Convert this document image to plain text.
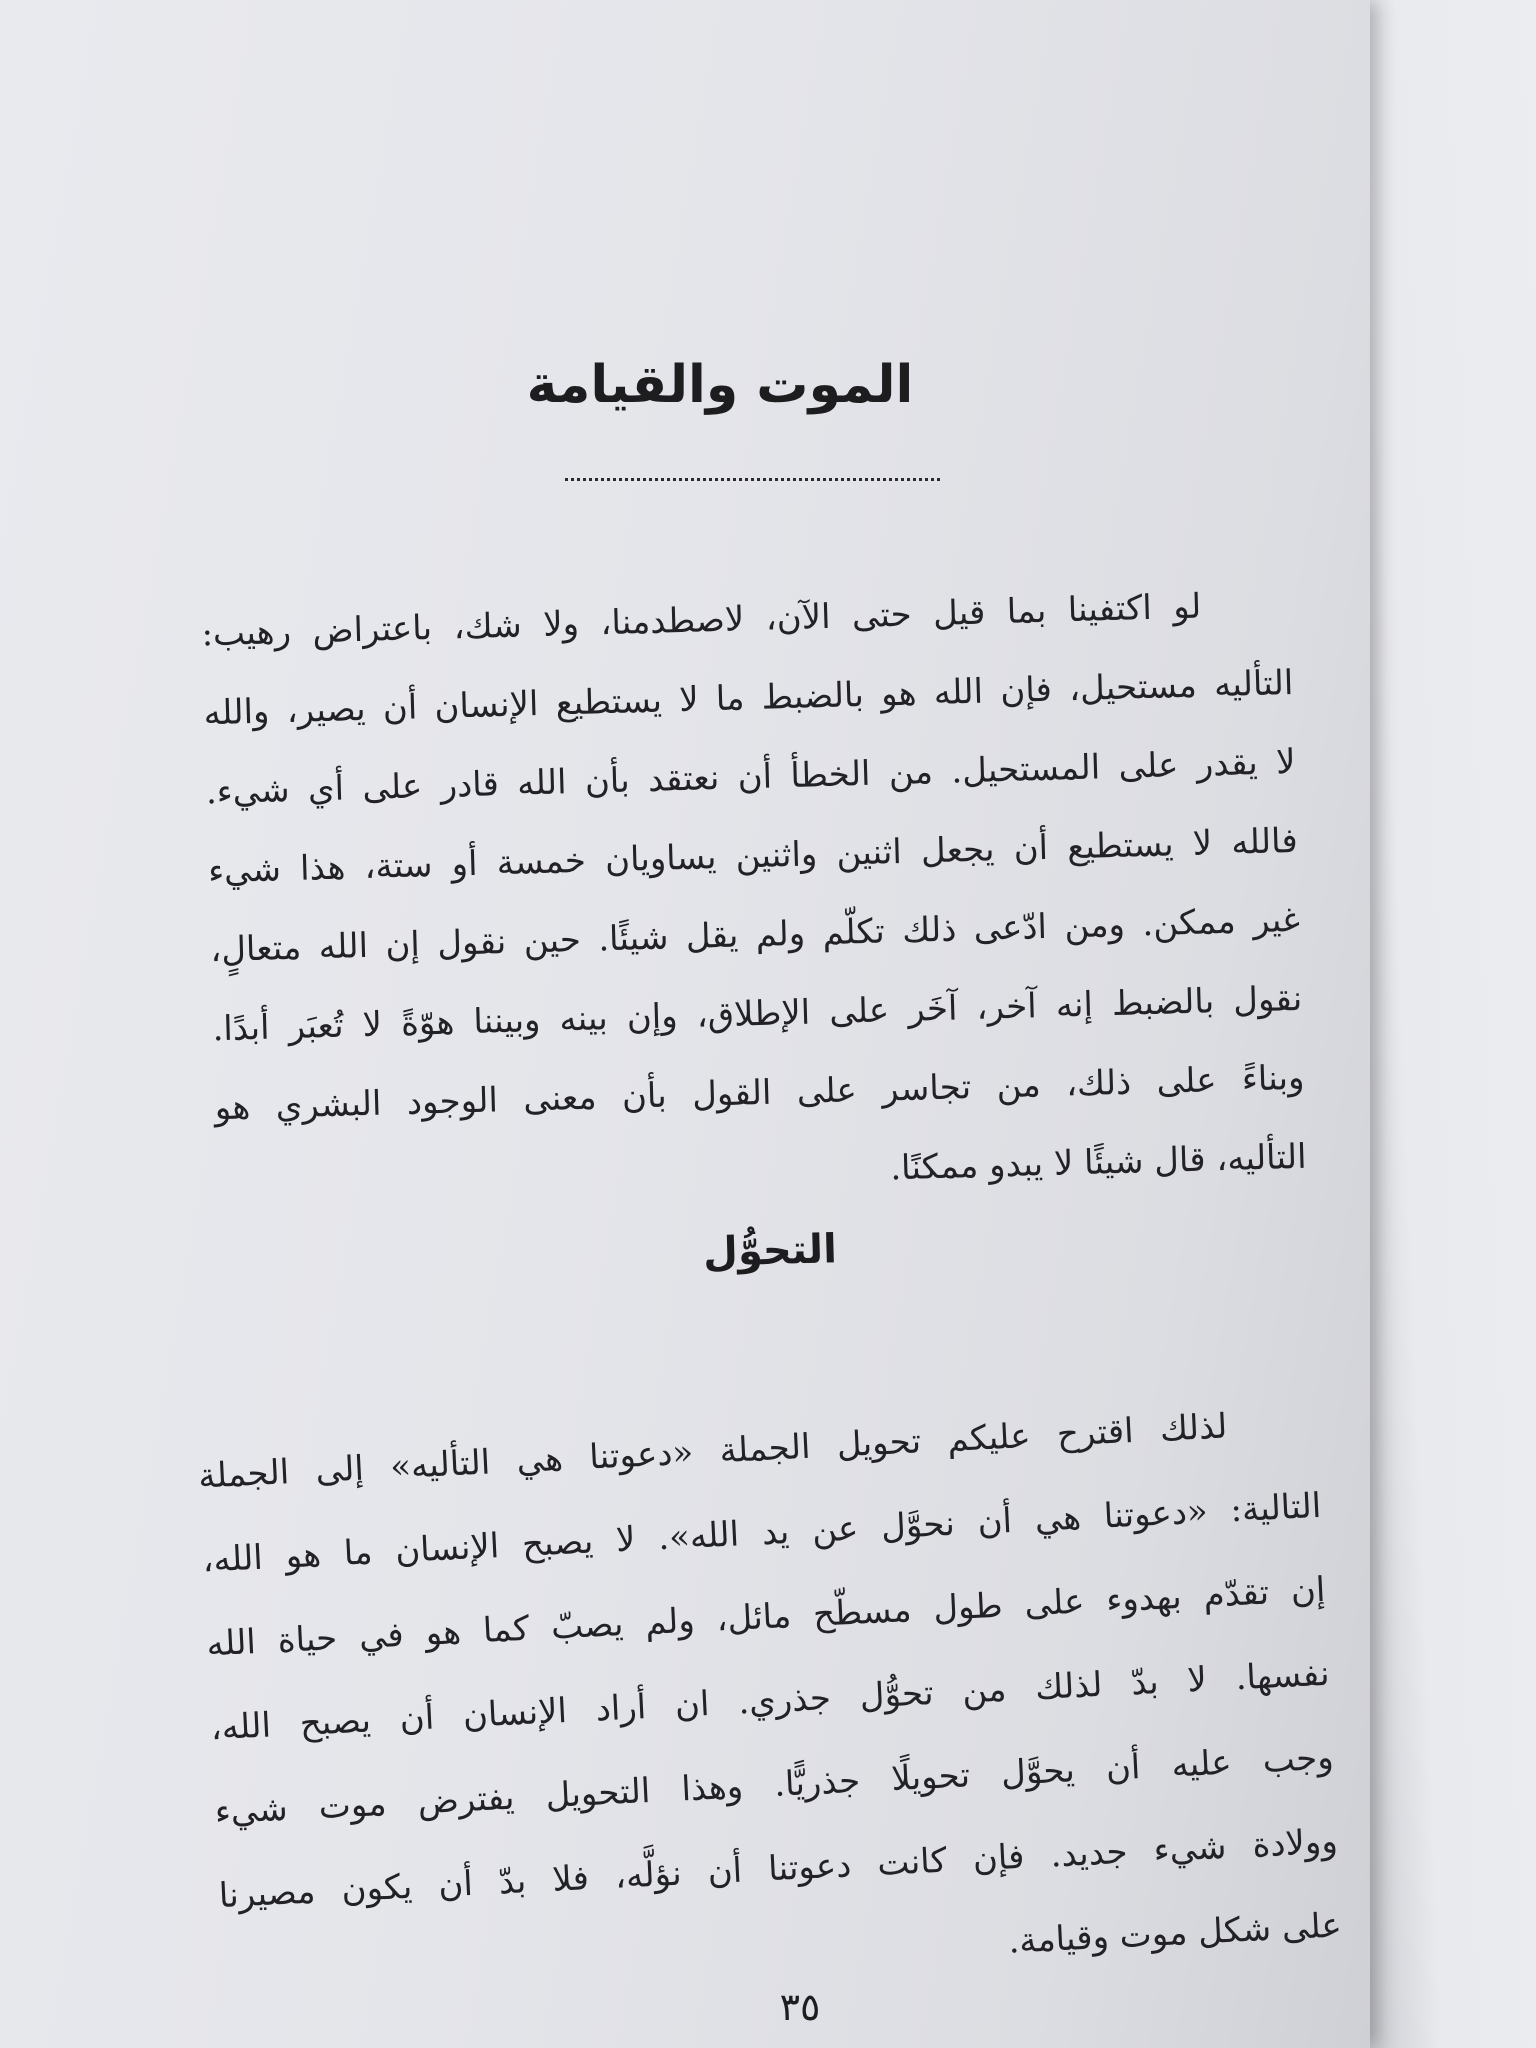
الموت والقيامة
لو اكتفينا بما قيل حتى الآن، لاصطدمنا، ولا شك، باعتراض رهيب:
التأليه مستحيل، فإن الله هو بالضبط ما لا يستطيع الإنسان أن يصير، والله
لا يقدر على المستحيل. من الخطأ أن نعتقد بأن الله قادر على أي شيء.
فالله لا يستطيع أن يجعل اثنين واثنين يساويان خمسة أو ستة، هذا شيء
غير ممكن. ومن ادّعى ذلك تكلّم ولم يقل شيئًا. حين نقول إن الله متعالٍ،
نقول بالضبط إنه آخر، آخَر على الإطلاق، وإن بينه وبيننا هوّةً لا تُعبَر أبدًا.
وبناءً على ذلك، من تجاسر على القول بأن معنى الوجود البشري هو
التأليه، قال شيئًا لا يبدو ممكنًا.
التحوُّل
لذلك اقترح عليكم تحويل الجملة «دعوتنا هي التأليه» إلى الجملة
التالية: «دعوتنا هي أن نحوَّل عن يد الله». لا يصبح الإنسان ما هو الله،
إن تقدّم بهدوء على طول مسطّح مائل، ولم يصبّ كما هو في حياة الله
نفسها. لا بدّ لذلك من تحوُّل جذري. ان أراد الإنسان أن يصبح الله،
وجب عليه أن يحوَّل تحويلًا جذريًّا. وهذا التحويل يفترض موت شيء
وولادة شيء جديد. فإن كانت دعوتنا أن نؤلَّه، فلا بدّ أن يكون مصيرنا
على شكل موت وقيامة.
٣٥
